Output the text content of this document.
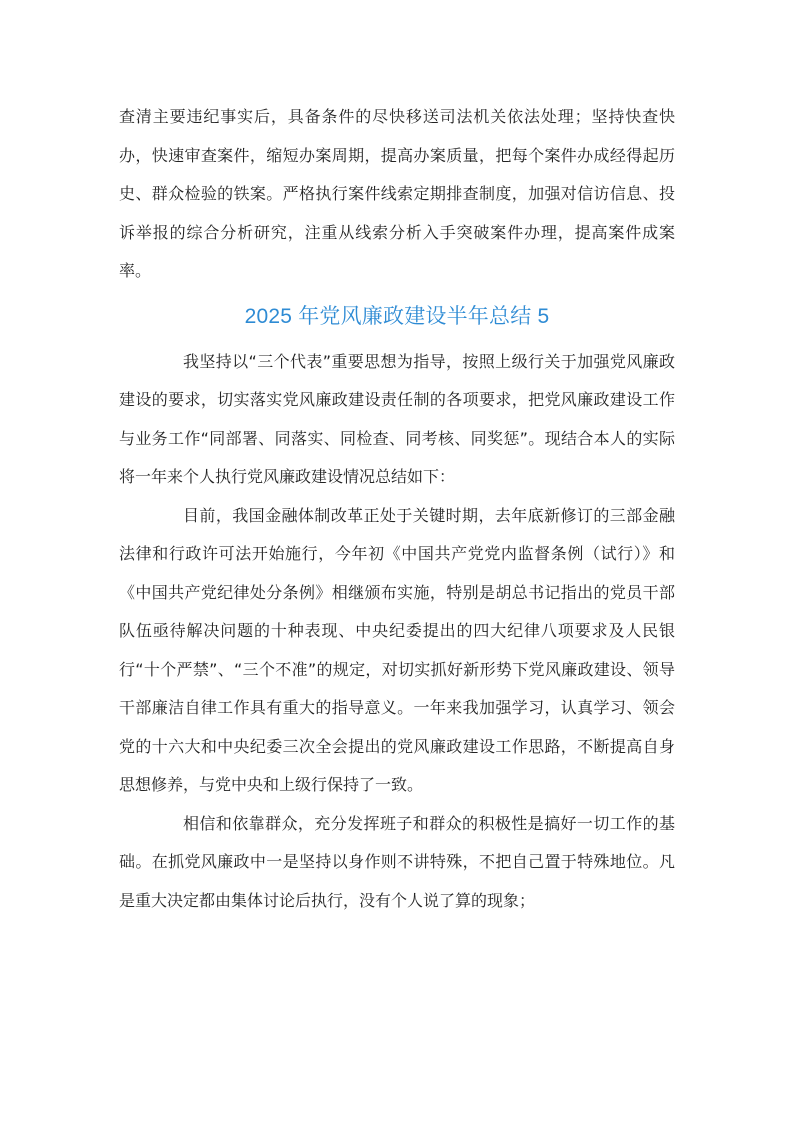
查清主要违纪事实后，具备条件的尽快移送司法机关依法处理；坚持快查快办，快速审查案件，缩短办案周期，提高办案质量，把每个案件办成经得起历史、群众检验的铁案。严格执行案件线索定期排查制度，加强对信访信息、投诉举报的综合分析研究，注重从线索分析入手突破案件办理，提高案件成案率。

2025 年党风廉政建设半年总结 5

我坚持以“三个代表”重要思想为指导，按照上级行关于加强党风廉政建设的要求，切实落实党风廉政建设责任制的各项要求，把党风廉政建设工作与业务工作“同部署、同落实、同检查、同考核、同奖惩”。现结合本人的实际将一年来个人执行党风廉政建设情况总结如下：

目前，我国金融体制改革正处于关键时期，去年底新修订的三部金融法律和行政许可法开始施行，今年初《中国共产党党内监督条例（试行）》和《中国共产党纪律处分条例》相继颁布实施，特别是胡总书记指出的党员干部队伍亟待解决问题的十种表现、中央纪委提出的四大纪律八项要求及人民银行“十个严禁”、“三个不准”的规定，对切实抓好新形势下党风廉政建设、领导干部廉洁自律工作具有重大的指导意义。一年来我加强学习，认真学习、领会党的十六大和中央纪委三次全会提出的党风廉政建设工作思路，不断提高自身思想修养，与党中央和上级行保持了一致。

相信和依靠群众，充分发挥班子和群众的积极性是搞好一切工作的基础。在抓党风廉政中一是坚持以身作则不讲特殊，不把自己置于特殊地位。凡是重大决定都由集体讨论后执行，没有个人说了算的现象；
